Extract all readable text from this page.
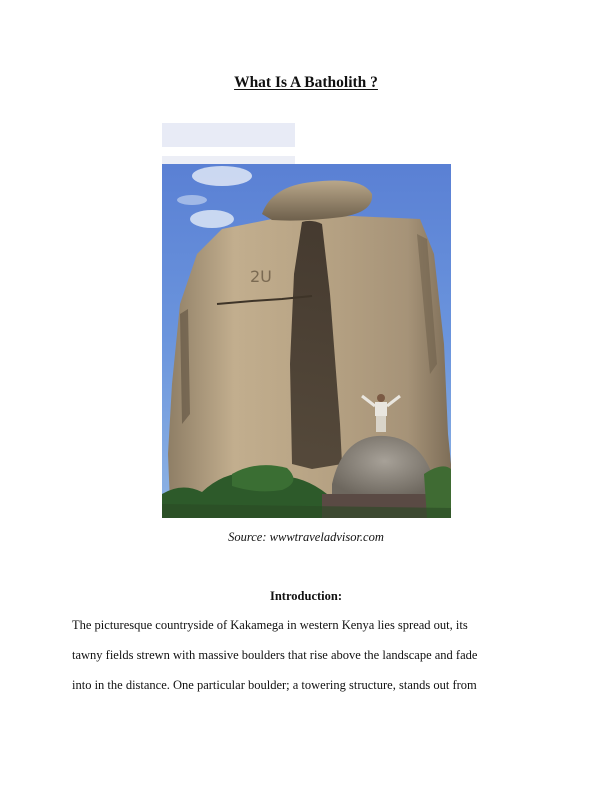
What Is A Batholith ?
2U
Source: wwwtraveladvisor.com
Introduction:

The picturesque countryside of Kakamega in western Kenya lies spread out, its
tawny fields strewn with massive boulders that rise above the landscape and fade
into in the distance. One particular boulder; a towering structure, stands out from
